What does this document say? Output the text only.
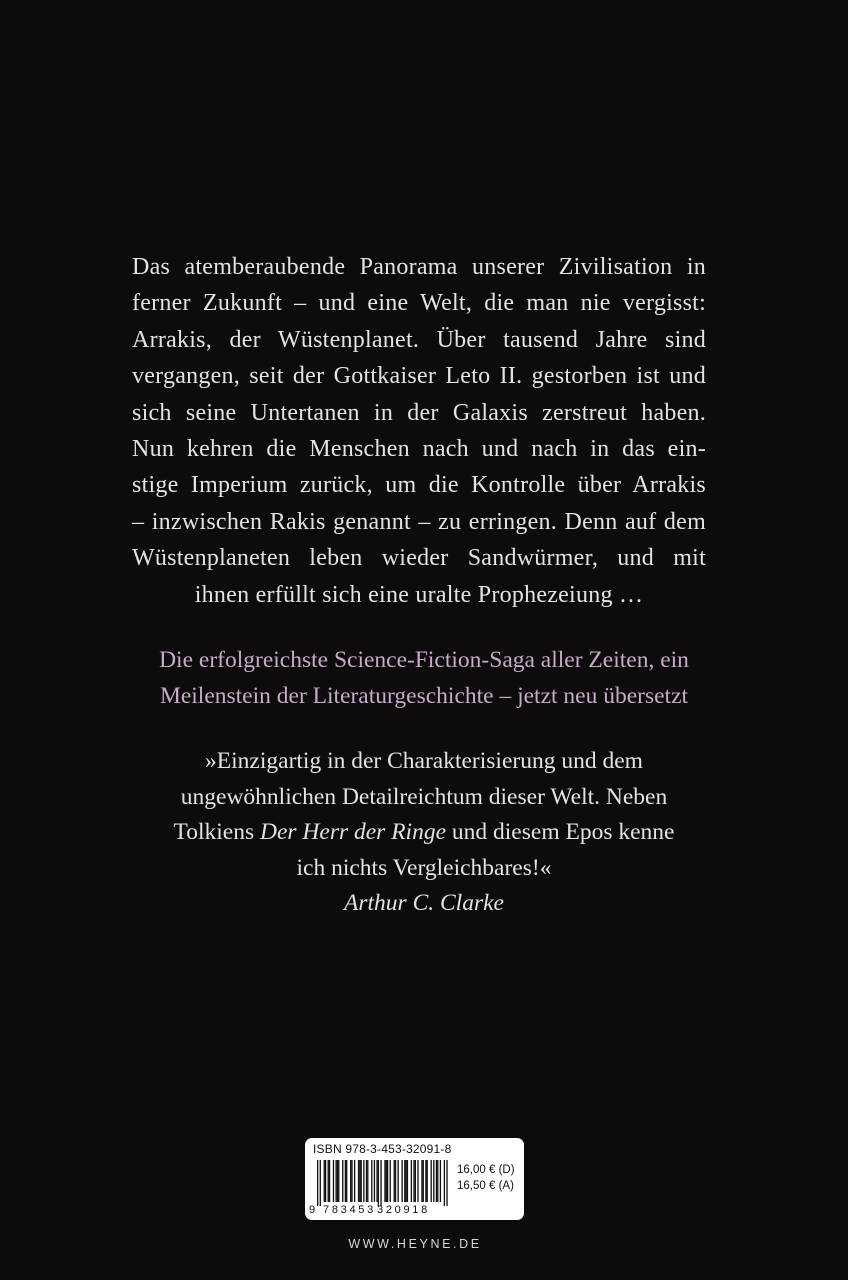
Das atemberaubende Panorama unserer Zivilisation in
ferner Zukunft – und eine Welt, die man nie vergisst:
Arrakis, der Wüstenplanet. Über tausend Jahre sind
vergangen, seit der Gottkaiser Leto II. gestorben ist und
sich seine Untertanen in der Galaxis zerstreut haben.
Nun kehren die Menschen nach und nach in das ein-
stige Imperium zurück, um die Kontrolle über Arrakis
– inzwischen Rakis genannt – zu erringen. Denn auf dem
Wüstenplaneten leben wieder Sandwürmer, und mit
ihnen erfüllt sich eine uralte Prophezeiung …
Die erfolgreichste Science-Fiction-Saga aller Zeiten, ein
Meilenstein der Literaturgeschichte – jetzt neu übersetzt
»Einzigartig in der Charakterisierung und dem
ungewöhnlichen Detailreichtum dieser Welt. Neben
Tolkiens Der Herr der Ringe und diesem Epos kenne
ich nichts Vergleichbares!«
Arthur C. Clarke
ISBN 978-3-453-32091-8
16,00 € (D)
16,50 € (A)
9 783453 320918
WWW.HEYNE.DE
